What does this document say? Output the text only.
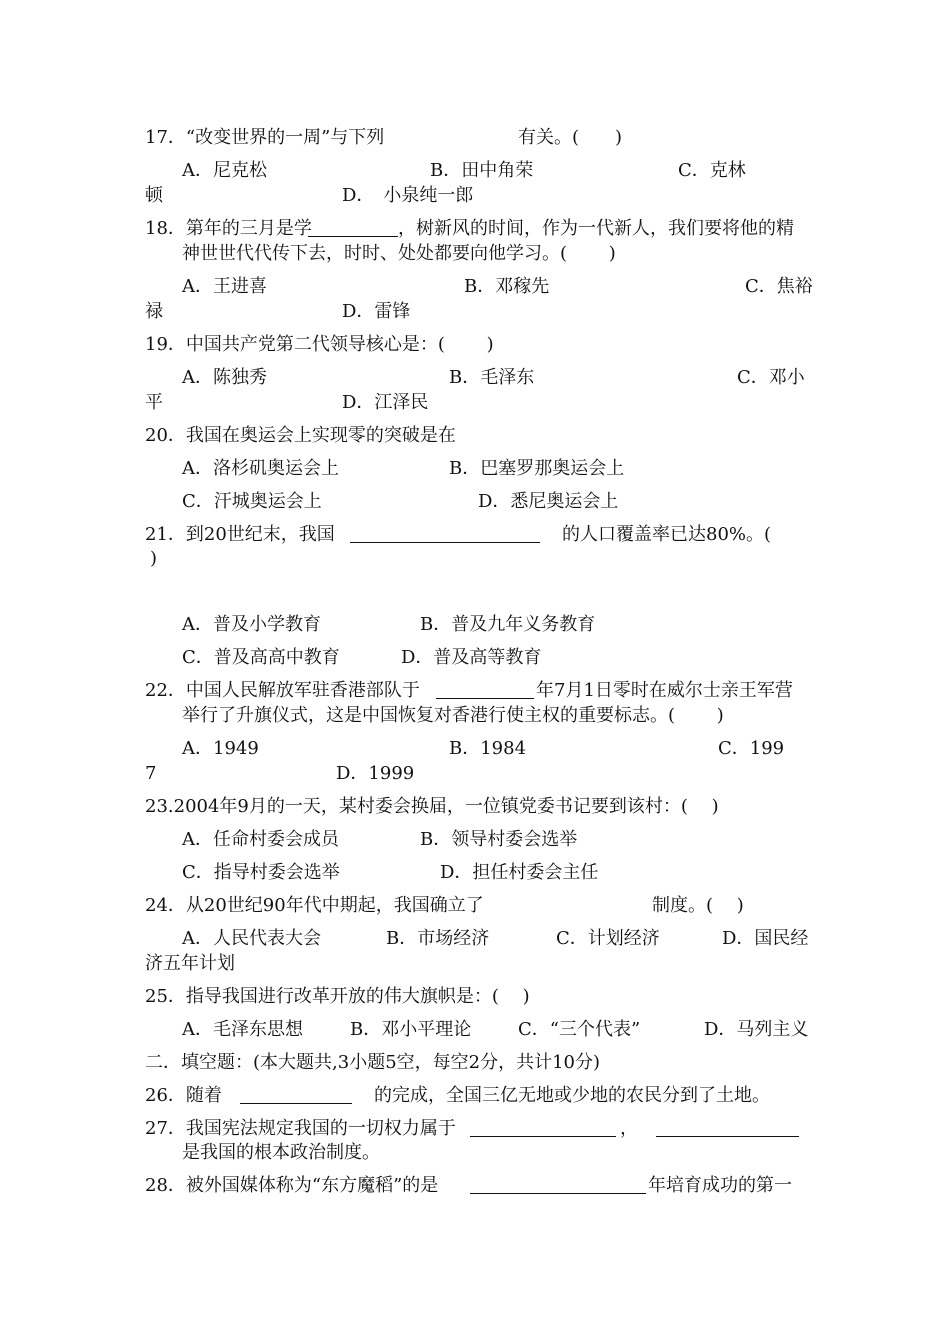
17．“改变世界的一周”与下列	有关。(　　)
A．尼克松	B．田中角荣	C．克林
顿	D．　小泉纯一郎
18．第年的三月是学	，树新风的时间，作为一代新人，我们要将他的精
神世世代代传下去，时时、处处都要向他学习。(　　 )
A．王进喜	B．邓稼先	C．焦裕
禄	D．雷锋
19．中国共产党第二代领导核心是：(　　 )
A．陈独秀	B．毛泽东	C．邓小
平	D．江泽民
20．我国在奥运会上实现零的突破是在
A．洛杉矶奥运会上	B．巴塞罗那奥运会上
C．汗城奥运会上	D．悉尼奥运会上
21．到20世纪末，我国	的人口覆盖率已达80%。(
)
A．普及小学教育	B．普及九年义务教育
C．普及高高中教育	D．普及高等教育
22．中国人民解放军驻香港部队于	年7月1日零时在威尔士亲王军营
举行了升旗仪式，这是中国恢复对香港行使主权的重要标志。(　　 )
A．1949	B．1984	C．199
7	D．1999
23.2004年9月的一天，某村委会换届，一位镇党委书记要到该村：(　 )
A．任命村委会成员	B．领导村委会选举
C．指导村委会选举	D．担任村委会主任
24．从20世纪90年代中期起，我国确立了	制度。(　 )
A．人民代表大会	B．市场经济	C．计划经济	D．国民经
济五年计划
25．指导我国进行改革开放的伟大旗帜是：(　 )
A．毛泽东思想	B．邓小平理论	C．“三个代表”	D．马列主义
二．填空题：(本大题共,3小题5空，每空2分，共计10分)
26．随着	的完成，全国三亿无地或少地的农民分到了土地。
27．我国宪法规定我国的一切权力属于	，
是我国的根本政治制度。
28．被外国媒体称为“东方魔稻”的是	年培育成功的第一
